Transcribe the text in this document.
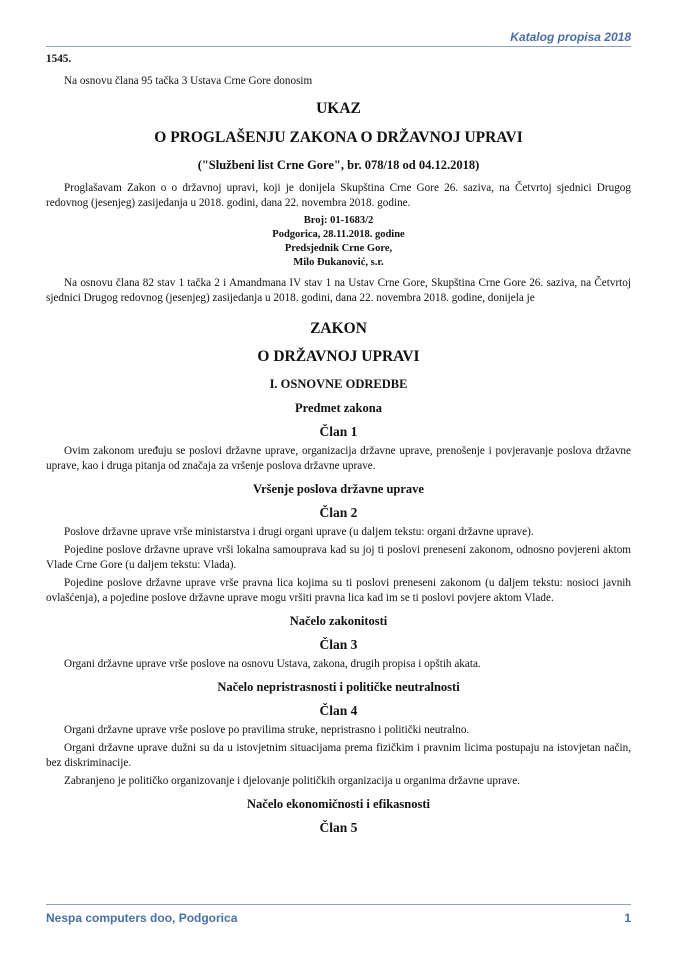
Katalog propisa 2018
1545.

Na osnovu člana 95 tačka 3 Ustava Crne Gore donosim

UKAZ
O PROGLAŠENJU ZAKONA O DRŽAVNOJ UPRAVI
("Službeni list Crne Gore", br. 078/18 od 04.12.2018)

Proglašavam Zakon o o državnoj upravi, koji je donijela Skupština Crne Gore 26. saziva, na Četvrtoj sjednici Drugog redovnog (jesenjeg) zasijedanja u 2018. godini, dana 22. novembra 2018. godine.

Broj: 01-1683/2
Podgorica, 28.11.2018. godine
Predsjednik Crne Gore,
Milo Đukanović, s.r.

Na osnovu člana 82 stav 1 tačka 2 i Amandmana IV stav 1 na Ustav Crne Gore, Skupština Crne Gore 26. saziva, na Četvrtoj sjednici Drugog redovnog (jesenjeg) zasijedanja u 2018. godini, dana 22. novembra 2018. godine, donijela je

ZAKON
O DRŽAVNOJ UPRAVI
I. OSNOVNE ODREDBE
Predmet zakona
Član 1

Ovim zakonom uređuju se poslovi državne uprave, organizacija državne uprave, prenošenje i povjeravanje poslova državne uprave, kao i druga pitanja od značaja za vršenje poslova državne uprave.

Vršenje poslova državne uprave
Član 2

Poslove državne uprave vrše ministarstva i drugi organi uprave (u daljem tekstu: organi državne uprave).

Pojedine poslove državne uprave vrši lokalna samouprava kad su joj ti poslovi preneseni zakonom, odnosno povjereni aktom Vlade Crne Gore (u daljem tekstu: Vlada).

Pojedine poslove državne uprave vrše pravna lica kojima su ti poslovi preneseni zakonom (u daljem tekstu: nosioci javnih ovlašćenja), a pojedine poslove državne uprave mogu vršiti pravna lica kad im se ti poslovi povjere aktom Vlade.

Načelo zakonitosti
Član 3

Organi državne uprave vrše poslove na osnovu Ustava, zakona, drugih propisa i opštih akata.

Načelo nepristrasnosti i političke neutralnosti
Član 4

Organi državne uprave vrše poslove po pravilima struke, nepristrasno i politički neutralno.

Organi državne uprave dužni su da u istovjetnim situacijama prema fizičkim i pravnim licima postupaju na istovjetan način, bez diskriminacije.

Zabranjeno je političko organizovanje i djelovanje političkih organizacija u organima državne uprave.

Načelo ekonomičnosti i efikasnosti
Član 5
Nespa computers doo, Podgorica	1
